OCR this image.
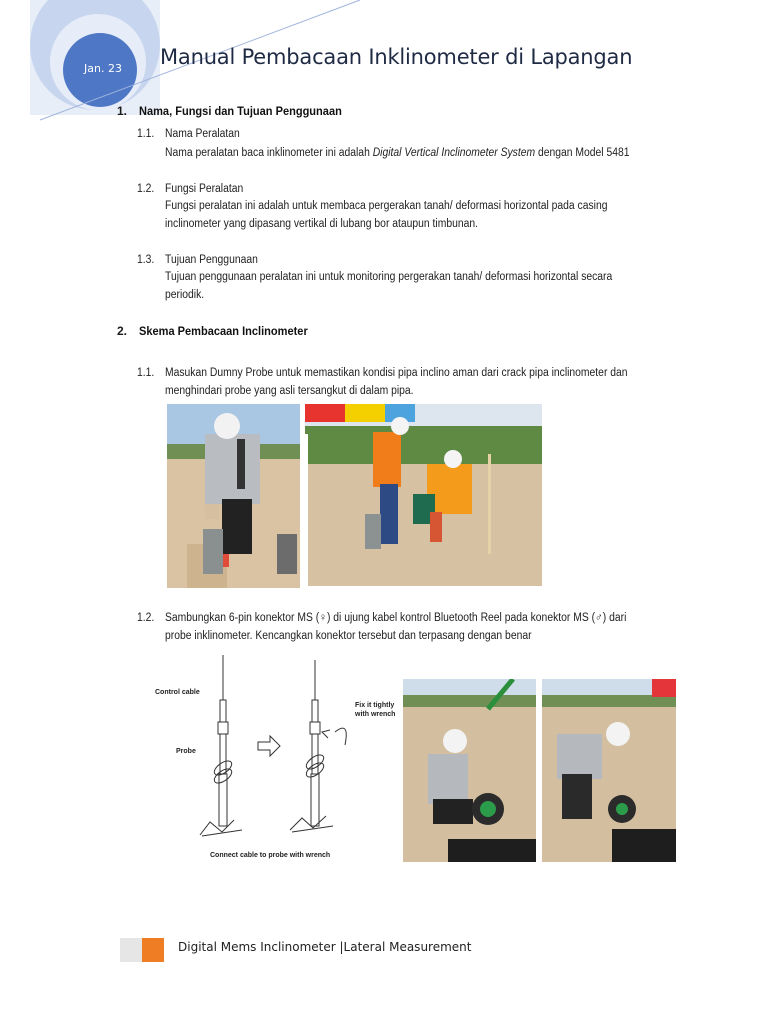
Jan. 23 Manual Pembacaan Inklinometer di Lapangan
1. Nama, Fungsi dan Tujuan Penggunaan
1.1. Nama Peralatan
Nama peralatan baca inklinometer ini adalah Digital Vertical Inclinometer System dengan Model 5481
1.2. Fungsi Peralatan
Fungsi peralatan ini adalah untuk membaca pergerakan tanah/ deformasi horizontal pada casing
inclinometer yang dipasang vertikal di lubang bor ataupun timbunan.
1.3. Tujuan Penggunaan
Tujuan penggunaan peralatan ini untuk monitoring pergerakan tanah/ deformasi horizontal secara
periodik.
2. Skema Pembacaan Inclinometer
1.1. Masukan Dumny Probe untuk memastikan kondisi pipa inclino aman dari crack pipa inclinometer dan
menghindari probe yang asli tersangkut di dalam pipa.
1.2. Sambungkan 6-pin konektor MS (♀) di ujung kabel kontrol Bluetooth Reel pada konektor MS (♂) dari
probe inklinometer. Kencangkan konektor tersebut dan terpasang dengan benar
Control cable
Probe
Fix it tightly
with wrench
Connect cable to probe with wrench
Digital Mems Inclinometer |Lateral Measurement
